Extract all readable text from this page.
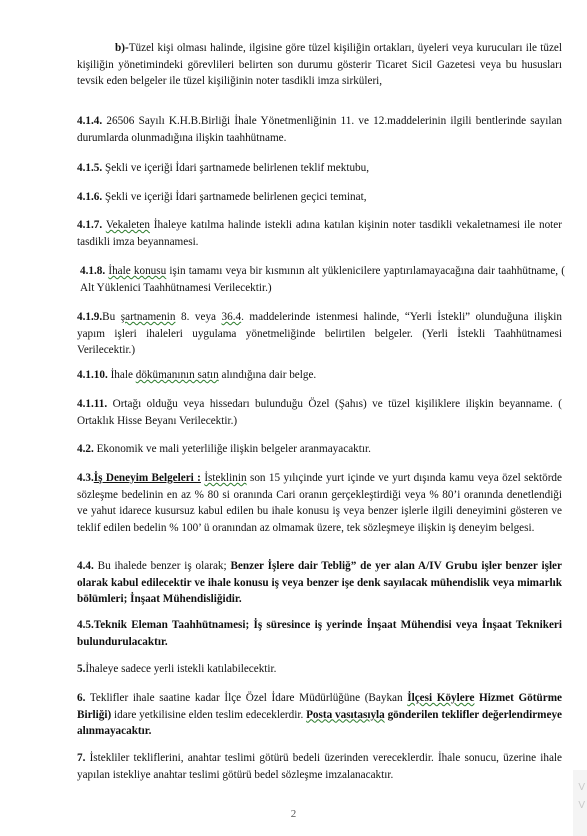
b)-Tüzel kişi olması halinde, ilgisine göre tüzel kişiliğin ortakları, üyeleri veya kurucuları ile tüzel kişiliğin yönetimindeki görevlileri belirten son durumu gösterir Ticaret Sicil Gazetesi veya bu hususları tevsik eden belgeler ile tüzel kişiliğinin noter tasdikli imza sirküleri,

4.1.4. 26506 Sayılı K.H.B.Birliği İhale Yönetmenliğinin 11. ve 12.maddelerinin ilgili bentlerinde sayılan durumlarda olunmadığına ilişkin taahhütname.

4.1.5. Şekli ve içeriği İdari şartnamede belirlenen teklif mektubu,

4.1.6. Şekli ve içeriği İdari şartnamede belirlenen geçici teminat,

4.1.7. Vekaleten İhaleye katılma halinde istekli adına katılan kişinin noter tasdikli vekaletnamesi ile noter tasdikli imza beyannamesi.

4.1.8. İhale konusu işin tamamı veya bir kısmının alt yüklenicilere yaptırılamayacağına dair taahhütname, ( Alt Yüklenici Taahhütnamesi Verilecektir.)

4.1.9.Bu şartnamenin 8. veya 36.4. maddelerinde istenmesi halinde, “Yerli İstekli” olunduğuna ilişkin yapım işleri ihaleleri uygulama yönetmeliğinde belirtilen belgeler. (Yerli İstekli Taahhütnamesi Verilecektir.)

4.1.10. İhale dökümanının satın alındığına dair belge.

4.1.11. Ortağı olduğu veya hissedarı bulunduğu Özel (Şahıs) ve tüzel kişiliklere ilişkin beyanname. ( Ortaklık Hisse Beyanı Verilecektir.)

4.2. Ekonomik ve mali yeterliliğe ilişkin belgeler aranmayacaktır.

4.3.İş Deneyim Belgeleri : İsteklinin son 15 yılıçinde yurt içinde ve yurt dışında kamu veya özel sektörde sözleşme bedelinin en az % 80 si oranında Cari oranın gerçekleştirdiği veya % 80’i oranında denetlendiği ve yahut idarece kusursuz kabul edilen bu ihale konusu iş veya benzer işlerle ilgili deneyimini gösteren ve teklif edilen bedelin % 100’ ü oranından az olmamak üzere, tek sözleşmeye ilişkin iş deneyim belgesi.

4.4. Bu ihalede benzer iş olarak; Benzer İşlere dair Tebliğ” de yer alan A/IV Grubu işler benzer işler olarak kabul edilecektir ve ihale konusu iş veya benzer işe denk sayılacak mühendislik veya mimarlık bölümleri; İnşaat Mühendisliğidir.

4.5.Teknik Eleman Taahhütnamesi; İş süresince iş yerinde İnşaat Mühendisi veya İnşaat Teknikeri bulundurulacaktır.

5.İhaleye sadece yerli istekli katılabilecektir.

6. Teklifler ihale saatine kadar İlçe Özel İdare Müdürlüğüne (Baykan İlçesi Köylere Hizmet Götürme Birliği) idare yetkilisine elden teslim edeceklerdir. Posta vasıtasıyla gönderilen teklifler değerlendirmeye alınmayacaktır.

7. İstekliler tekliflerini, anahtar teslimi götürü bedeli üzerinden vereceklerdir. İhale sonucu, üzerine ihale yapılan istekliye anahtar teslimi götürü bedel sözleşme imzalanacaktır.

2
V
V
